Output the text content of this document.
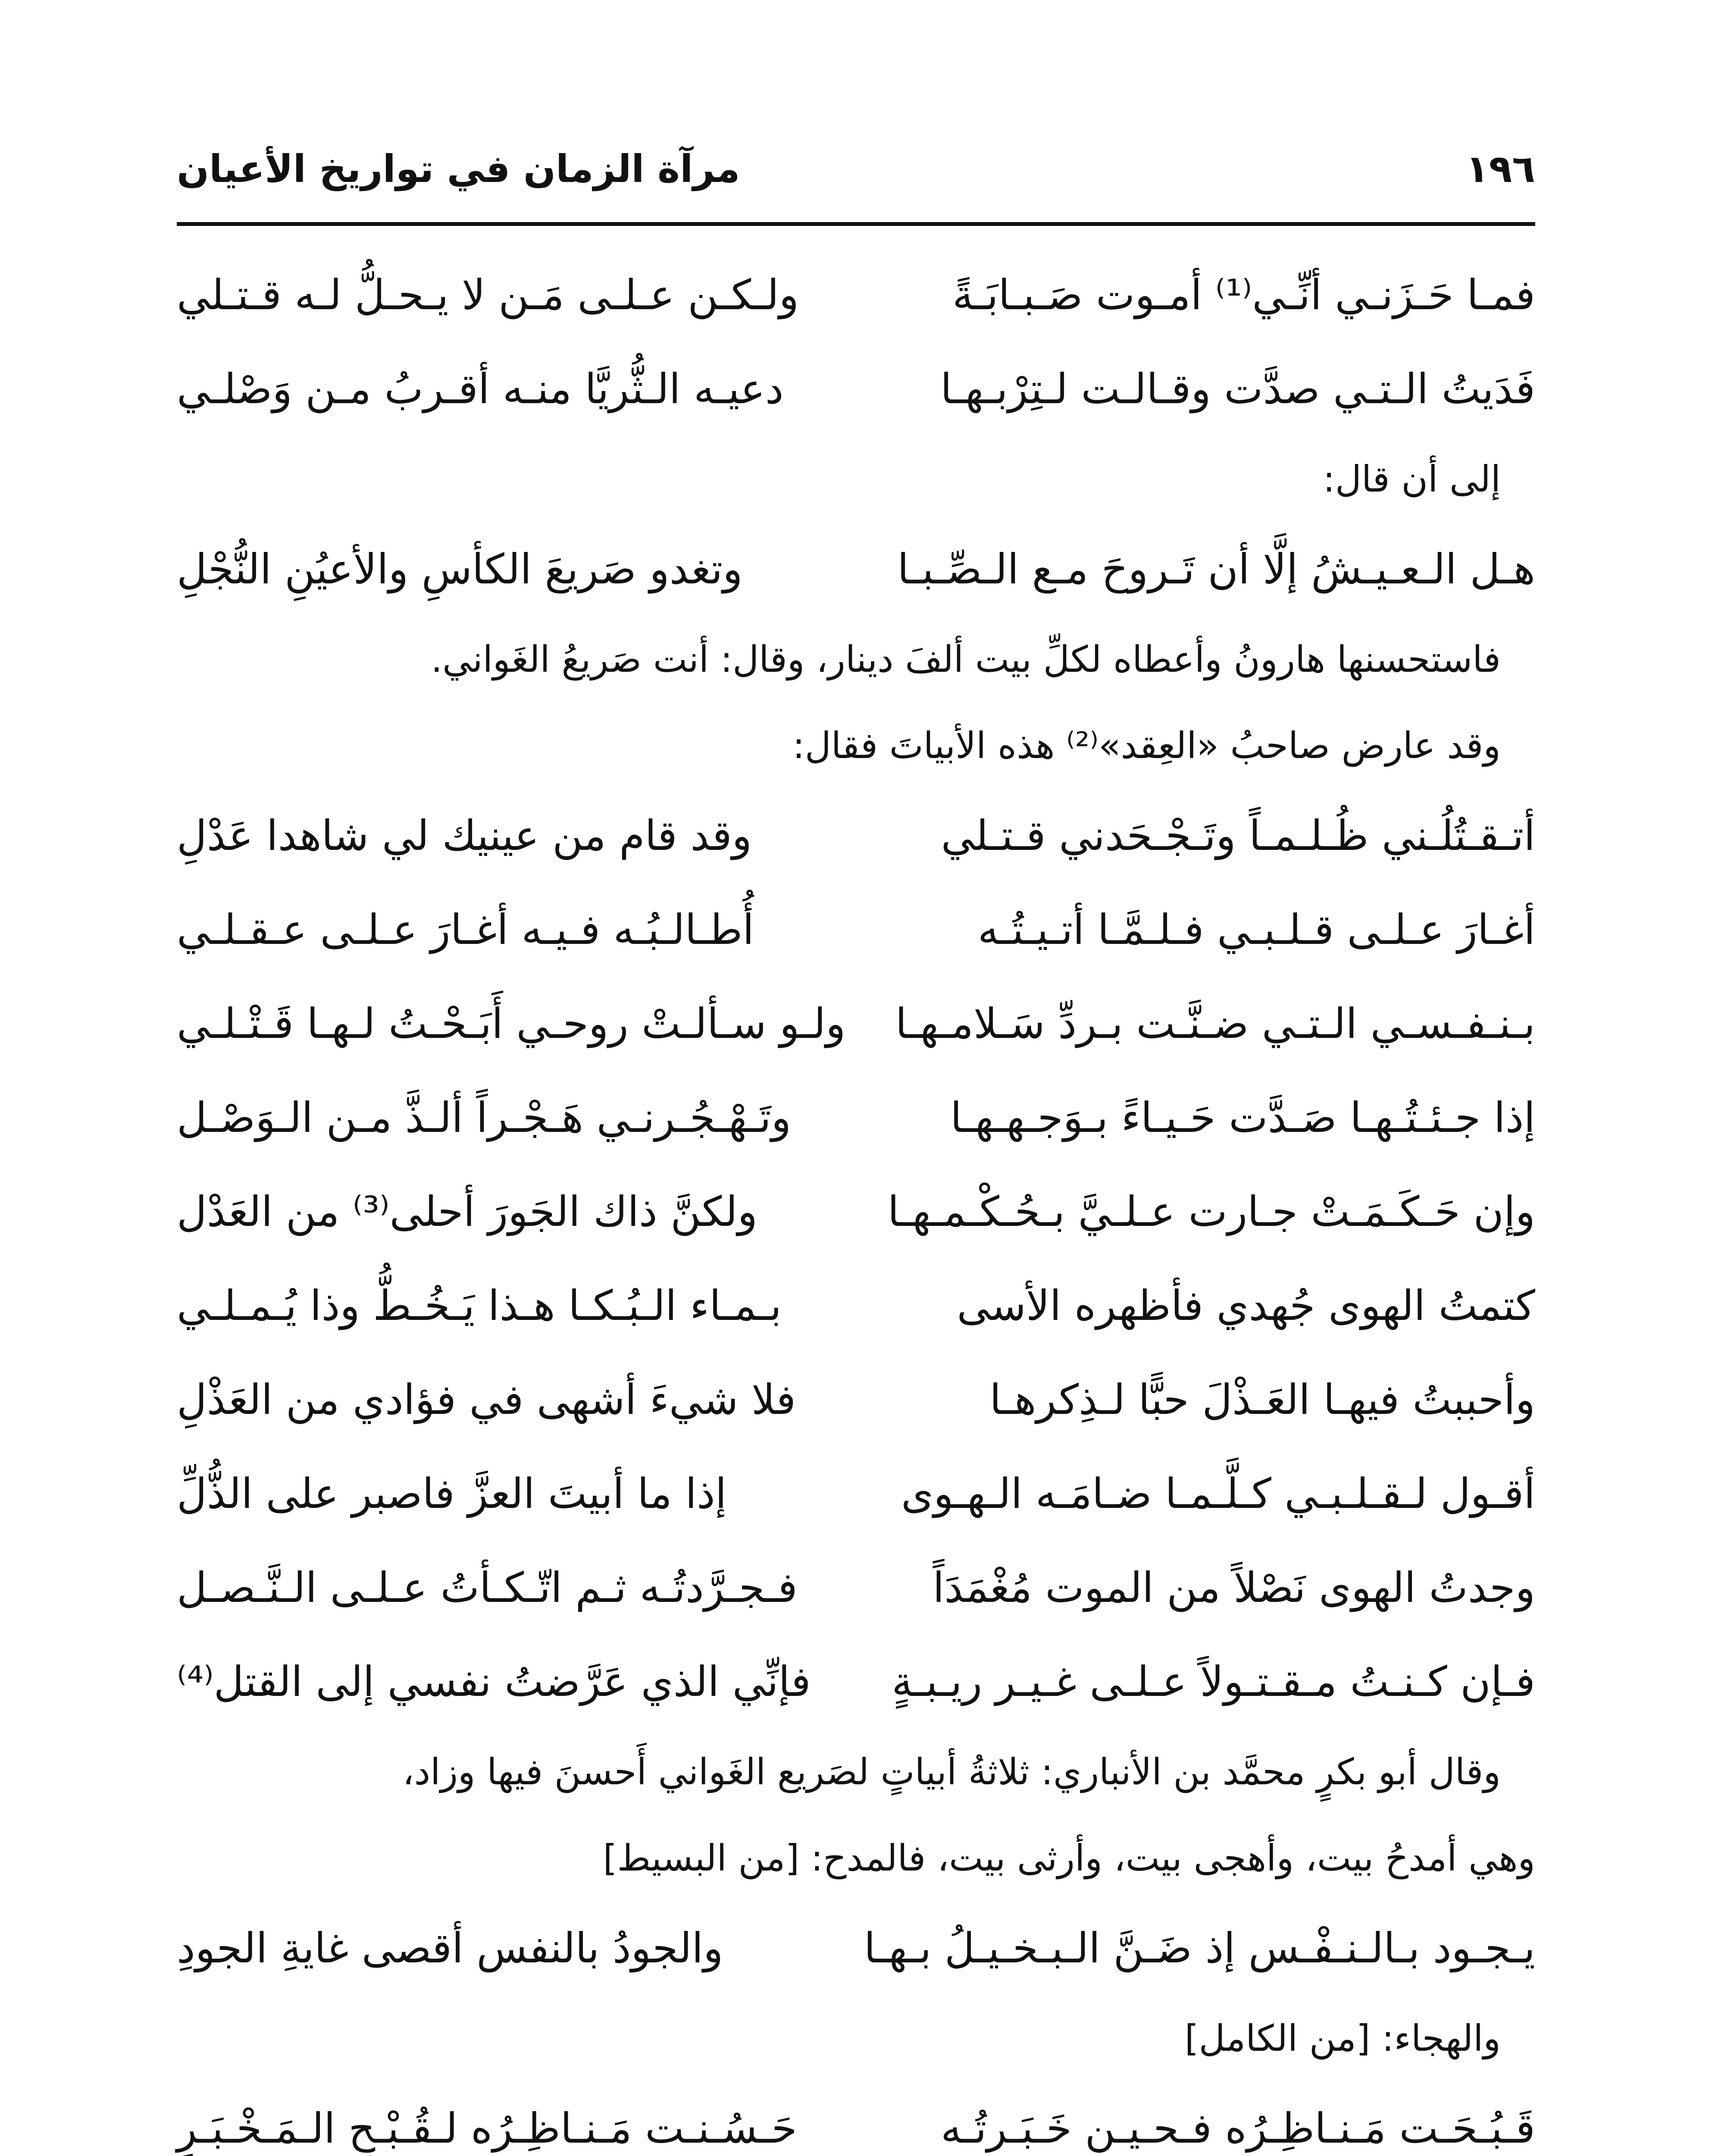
١٩٦
مرآة الزمان في تواريخ الأعيان
فمـا حَـزَنـي أنِّـي⁽¹⁾ أمـوت صَـبـابَـةً
ولـكـن عـلـى مَـن لا يـحـلُّ لـه قـتـلي
فَدَيتُ الـتـي صدَّت وقـالـت لـتِرْبـهـا
دعيـه الـثُّريَّا منـه أقـربُ مـن وَصْلـي
إلى أن قال:
هـل الـعـيـشُ إلَّا أن تَـروحَ مـع الـصِّـبـا
وتغدو صَريعَ الكأسِ والأعيُنِ النُّجْلِ
فاستحسنها هارونُ وأعطاه لكلِّ بيت ألفَ دينار، وقال: أنت صَريعُ الغَواني.
وقد عارض صاحبُ «العِقد»⁽²⁾ هذه الأبياتَ فقال:
أتـقـتُلُـني ظُـلـمـاً وتَـجْـحَدني قـتـلي
وقد قام من عينيك لي شاهدا عَدْلِ
أغـارَ عـلـى قـلـبـي فـلـمَّـا أتـيـتُـه
أُطـالـبُـه فـيـه أغـارَ عـلـى عـقـلـي
بـنـفـسـي الـتـي ضـنَّـت بـردِّ سَـلامـهـا
ولـو سـألـتْ روحـي أَبَـحْـتُ لـهـا قَـتْـلـي
إذا جـئـتُـهـا صَـدَّت حَـيـاءً بـوَجـهـهـا
وتَـهْـجُـرنـي هَـجْـراً ألـذَّ مـن الـوَصْـل
وإن حَـكَـمَـتْ جـارت عـلـيَّ بـحُـكْـمـهـا
ولكنَّ ذاك الجَورَ أحلى⁽³⁾ من العَدْل
كتمتُ الهوى جُهدي فأظهره الأسى
بـمـاء الـبُـكـا هـذا يَـخُـطُّ وذا يُـمـلـي
وأحببتُ فيهـا العَـذْلَ حبًّا لـذِكرهـا
فلا شيءَ أشهى في فؤادي من العَذْلِ
أقـول لـقـلـبـي كـلَّـمـا ضـامَـه الـهـوى
إذا ما أبيتَ العزَّ فاصبر على الذُّلِّ
وجدتُ الهوى نَصْلاً من الموت مُغْمَدَاً
فـجـرَّدتُـه ثـم اتّـكـأتُ عـلـى الـنَّـصـل
فـإن كـنـتُ مـقـتـولاً عـلـى غـيـر ريـبـةٍ
فإنِّي الذي عَرَّضتُ نفسي إلى القتل⁽⁴⁾
وقال أبو بكرٍ محمَّد بن الأنباري: ثلاثةُ أبياتٍ لصَريع الغَواني أَحسنَ فيها وزاد،
وهي أمدحُ بيت، وأهجى بيت، وأرثى بيت، فالمدح: [من البسيط]
يـجـود بـالـنـفْـس إذ ضَـنَّ الـبـخـيـلُ بـهـا
والجودُ بالنفس أقصى غايةِ الجودِ
والهجاء: [من الكامل]
قَـبُـحَـت مَـنـاظِـرُه فـحـيـن خَـبَـرتُـه
حَـسُـنـت مَـنـاظِـرُه لـقُـبْـحِ الـمَـخْـبَـرِ
